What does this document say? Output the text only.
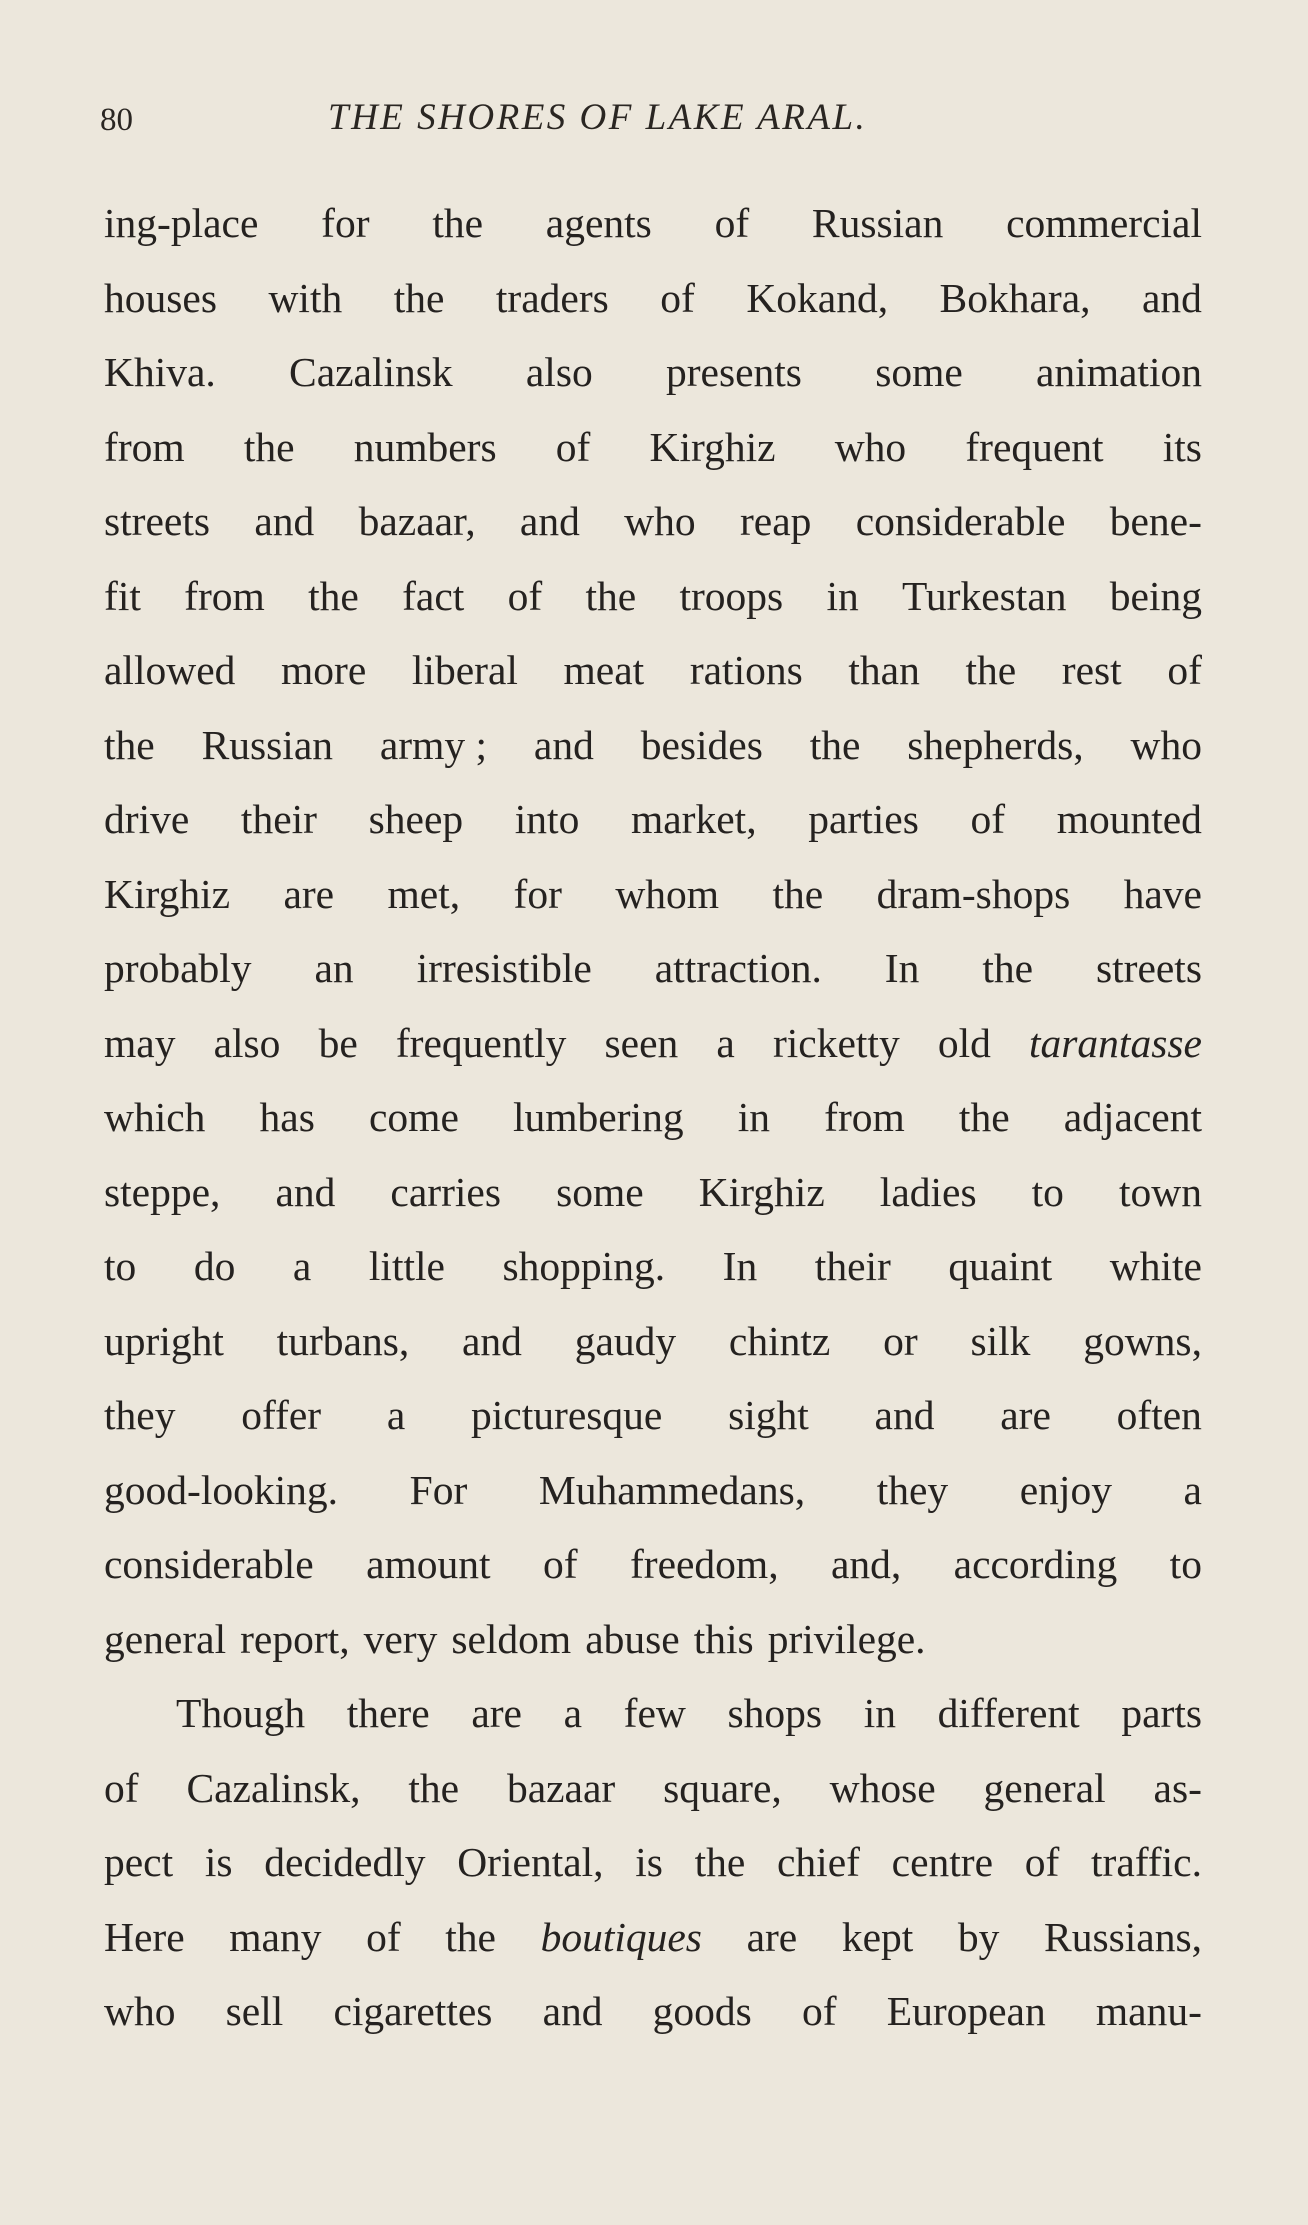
80	THE SHORES OF LAKE ARAL.
ing-place for the agents of Russian commercial
houses with the traders of Kokand, Bokhara, and
Khiva. Cazalinsk also presents some animation
from the numbers of Kirghiz who frequent its
streets and bazaar, and who reap considerable bene-
fit from the fact of the troops in Turkestan being
allowed more liberal meat rations than the rest of
the Russian army ; and besides the shepherds, who
drive their sheep into market, parties of mounted
Kirghiz are met, for whom the dram-shops have
probably an irresistible attraction. In the streets
may also be frequently seen a ricketty old tarantasse
which has come lumbering in from the adjacent
steppe, and carries some Kirghiz ladies to town
to do a little shopping. In their quaint white
upright turbans, and gaudy chintz or silk gowns,
they offer a picturesque sight and are often
good-looking. For Muhammedans, they enjoy a
considerable amount of freedom, and, according to
general report, very seldom abuse this privilege.
Though there are a few shops in different parts
of Cazalinsk, the bazaar square, whose general as-
pect is decidedly Oriental, is the chief centre of traffic.
Here many of the boutiques are kept by Russians,
who sell cigarettes and goods of European manu-
